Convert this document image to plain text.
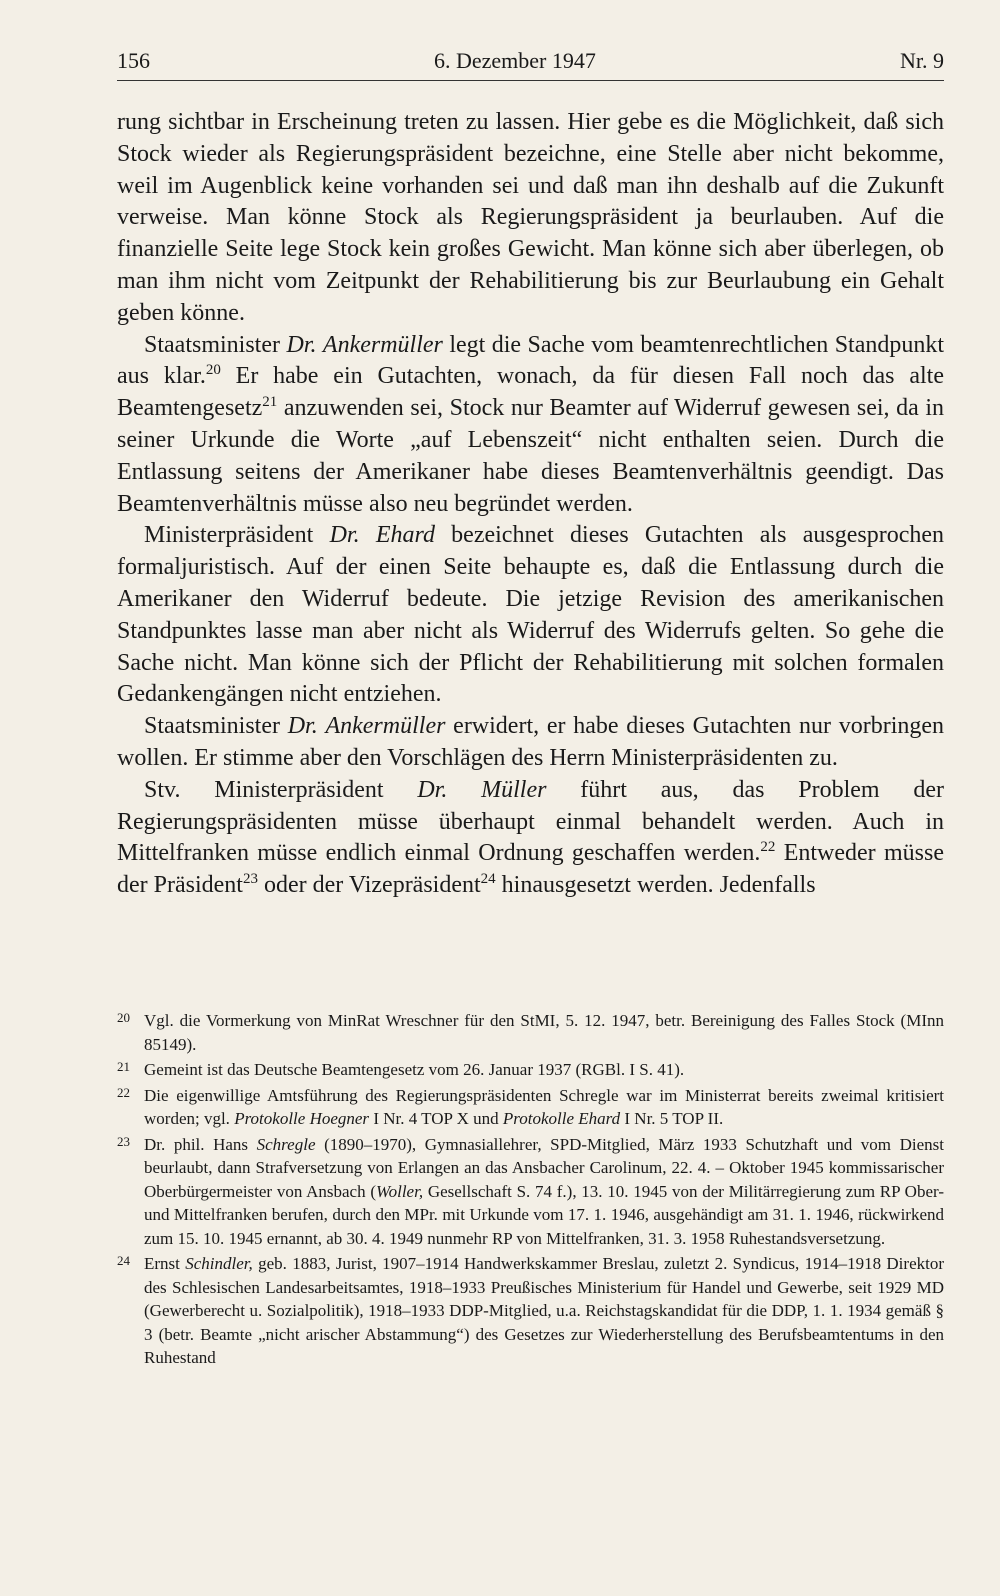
156	6. Dezember 1947	Nr. 9

rung sichtbar in Erscheinung treten zu lassen. Hier gebe es die Möglichkeit, daß sich Stock wieder als Regierungspräsident bezeichne, eine Stelle aber nicht bekomme, weil im Augenblick keine vorhanden sei und daß man ihn deshalb auf die Zukunft verweise. Man könne Stock als Regierungspräsident ja beurlauben. Auf die finanzielle Seite lege Stock kein großes Gewicht. Man könne sich aber überlegen, ob man ihm nicht vom Zeitpunkt der Rehabilitierung bis zur Beurlaubung ein Gehalt geben könne.

Staatsminister Dr. Ankermüller legt die Sache vom beamtenrechtlichen Standpunkt aus klar.$^{20}$ Er habe ein Gutachten, wonach, da für diesen Fall noch das alte Beamtengesetz$^{21}$ anzuwenden sei, Stock nur Beamter auf Widerruf gewesen sei, da in seiner Urkunde die Worte „auf Lebenszeit“ nicht enthalten seien. Durch die Entlassung seitens der Amerikaner habe dieses Beamtenverhältnis geendigt. Das Beamtenverhältnis müsse also neu begründet werden.

Ministerpräsident Dr. Ehard bezeichnet dieses Gutachten als ausgesprochen formaljuristisch. Auf der einen Seite behaupte es, daß die Entlassung durch die Amerikaner den Widerruf bedeute. Die jetzige Revision des amerikanischen Standpunktes lasse man aber nicht als Widerruf des Widerrufs gelten. So gehe die Sache nicht. Man könne sich der Pflicht der Rehabilitierung mit solchen formalen Gedankengängen nicht entziehen.

Staatsminister Dr. Ankermüller erwidert, er habe dieses Gutachten nur vorbringen wollen. Er stimme aber den Vorschlägen des Herrn Ministerpräsidenten zu.

Stv. Ministerpräsident Dr. Müller führt aus, das Problem der Regierungspräsidenten müsse überhaupt einmal behandelt werden. Auch in Mittelfranken müsse endlich einmal Ordnung geschaffen werden.$^{22}$ Entweder müsse der Präsident$^{23}$ oder der Vizepräsident$^{24}$ hinausgesetzt werden. Jedenfalls

20 Vgl. die Vormerkung von MinRat Wreschner für den StMI, 5. 12. 1947, betr. Bereinigung des Falles Stock (MInn 85149).
21 Gemeint ist das Deutsche Beamtengesetz vom 26. Januar 1937 (RGBl. I S. 41).
22 Die eigenwillige Amtsführung des Regierungspräsidenten Schregle war im Ministerrat bereits zweimal kritisiert worden; vgl. Protokolle Hoegner I Nr. 4 TOP X und Protokolle Ehard I Nr. 5 TOP II.
23 Dr. phil. Hans Schregle (1890–1970), Gymnasiallehrer, SPD-Mitglied, März 1933 Schutzhaft und vom Dienst beurlaubt, dann Strafversetzung von Erlangen an das Ansbacher Carolinum, 22. 4. – Oktober 1945 kommissarischer Oberbürgermeister von Ansbach (Woller, Gesellschaft S. 74 f.), 13. 10. 1945 von der Militärregierung zum RP Ober- und Mittelfranken berufen, durch den MPr. mit Urkunde vom 17. 1. 1946, ausgehändigt am 31. 1. 1946, rückwirkend zum 15. 10. 1945 ernannt, ab 30. 4. 1949 nunmehr RP von Mittelfranken, 31. 3. 1958 Ruhestandsversetzung.
24 Ernst Schindler, geb. 1883, Jurist, 1907–1914 Handwerkskammer Breslau, zuletzt 2. Syndicus, 1914–1918 Direktor des Schlesischen Landesarbeitsamtes, 1918–1933 Preußisches Ministerium für Handel und Gewerbe, seit 1929 MD (Gewerberecht u. Sozialpolitik), 1918–1933 DDP-Mitglied, u.a. Reichstagskandidat für die DDP, 1. 1. 1934 gemäß § 3 (betr. Beamte „nicht arischer Abstammung“) des Gesetzes zur Wiederherstellung des Berufsbeamtentums in den Ruhestand
